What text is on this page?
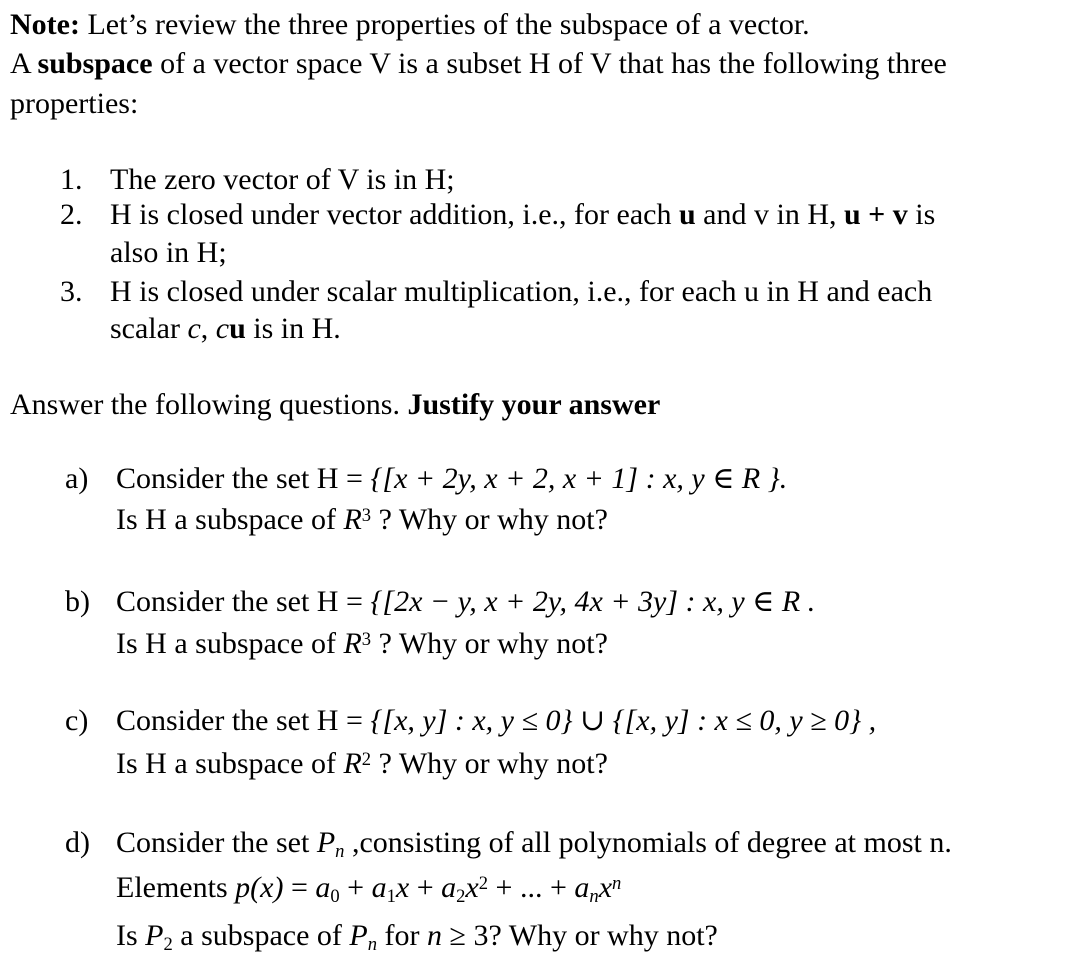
Note: Let’s review the three properties of the subspace of a vector.
A subspace of a vector space V is a subset H of V that has the following three
properties:
1. The zero vector of V is in H;
2. H is closed under vector addition, i.e., for each u and v in H, u + v is
also in H;
3. H is closed under scalar multiplication, i.e., for each u in H and each
scalar c, cu is in H.
Answer the following questions. Justify your answer
a) Consider the set H = {[x + 2y, x + 2, x + 1] : x, y ∈ R }.
Is H a subspace of $R^3$ ? Why or why not?
b) Consider the set H = {[2x − y, x + 2y, 4x + 3y] : x, y ∈ R .
Is H a subspace of $R^3$ ? Why or why not?
c) Consider the set H = {[x, y] : x, y ≤ 0} ∪ {[x, y] : x ≤ 0, y ≥ 0} ,
Is H a subspace of $R^2$ ? Why or why not?
d) Consider the set $P_n$ ,consisting of all polynomials of degree at most n.
Elements $p(x) = a_0 + a_1x + a_2x^2$ + ... + $a_nx^n$
Is $P_2$ a subspace of $P_n$ for n ≥ 3? Why or why not?
